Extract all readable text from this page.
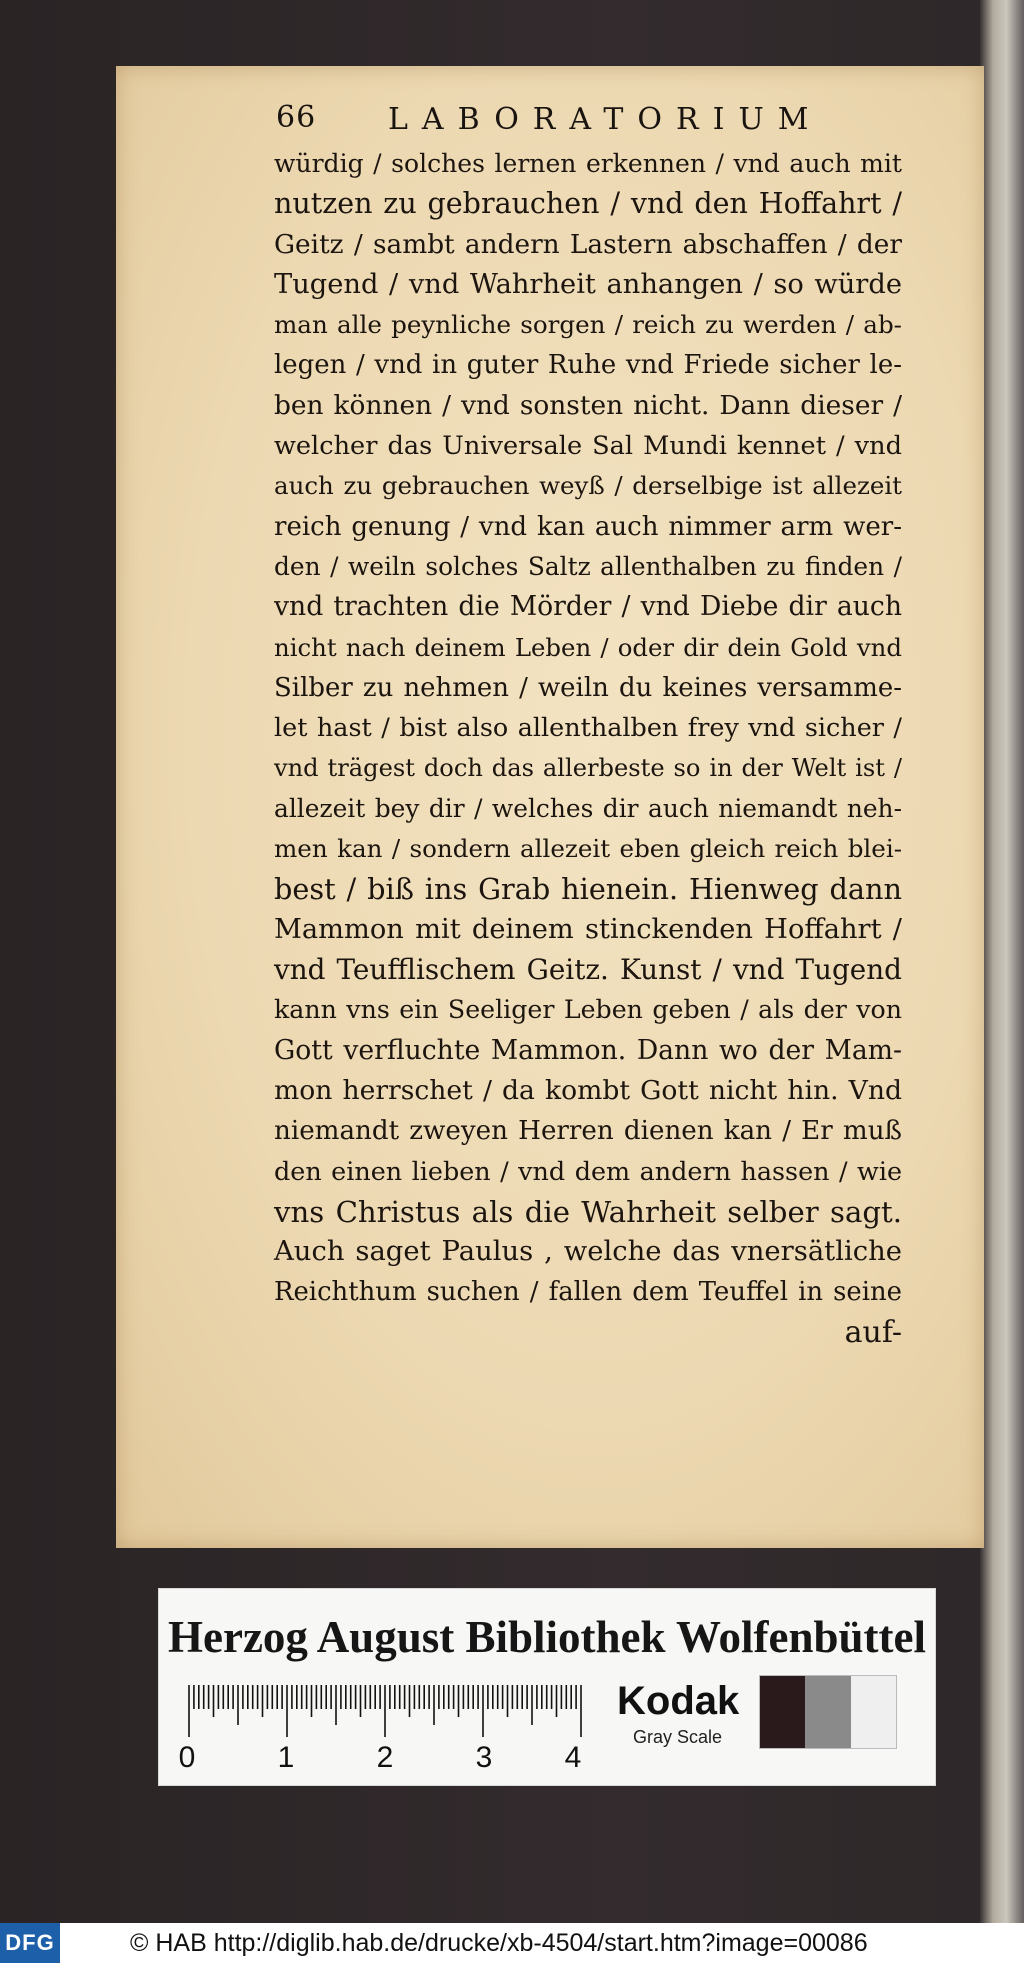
66 LABORATORIUM
würdig / solches lernen erkennen / vnd auch mit
nutzen zu gebrauchen / vnd den Hoffahrt /
Geitz / sambt andern Lastern abschaffen / der
Tugend / vnd Wahrheit anhangen / so würde
man alle peynliche sorgen / reich zu werden / ab-
legen / vnd in guter Ruhe vnd Friede sicher le-
ben können / vnd sonsten nicht. Dann dieser /
welcher das Universale Sal Mundi kennet / vnd
auch zu gebrauchen weyß / derselbige ist allezeit
reich genung / vnd kan auch nimmer arm wer-
den / weiln solches Saltz allenthalben zu finden /
vnd trachten die Mörder / vnd Diebe dir auch
nicht nach deinem Leben / oder dir dein Gold vnd
Silber zu nehmen / weiln du keines versamme-
let hast / bist also allenthalben frey vnd sicher /
vnd trägest doch das allerbeste so in der Welt ist /
allezeit bey dir / welches dir auch niemandt neh-
men kan / sondern allezeit eben gleich reich blei-
best / biß ins Grab hienein. Hienweg dann
Mammon mit deinem stinckenden Hoffahrt /
vnd Teufflischem Geitz. Kunst / vnd Tugend
kann vns ein Seeliger Leben geben / als der von
Gott verfluchte Mammon. Dann wo der Mam-
mon herrschet / da kombt Gott nicht hin. Vnd
niemandt zweyen Herren dienen kan / Er muß
den einen lieben / vnd dem andern hassen / wie
vns Christus als die Wahrheit selber sagt.
Auch saget Paulus , welche das vnersätliche
Reichthum suchen / fallen dem Teuffel in seine
auf-
Herzog August Bibliothek Wolfenbüttel
0	1	2	3 4
Kodak
Gray Scale
DFG	© HAB http://diglib.hab.de/drucke/xb-4504/start.htm?image=00086
